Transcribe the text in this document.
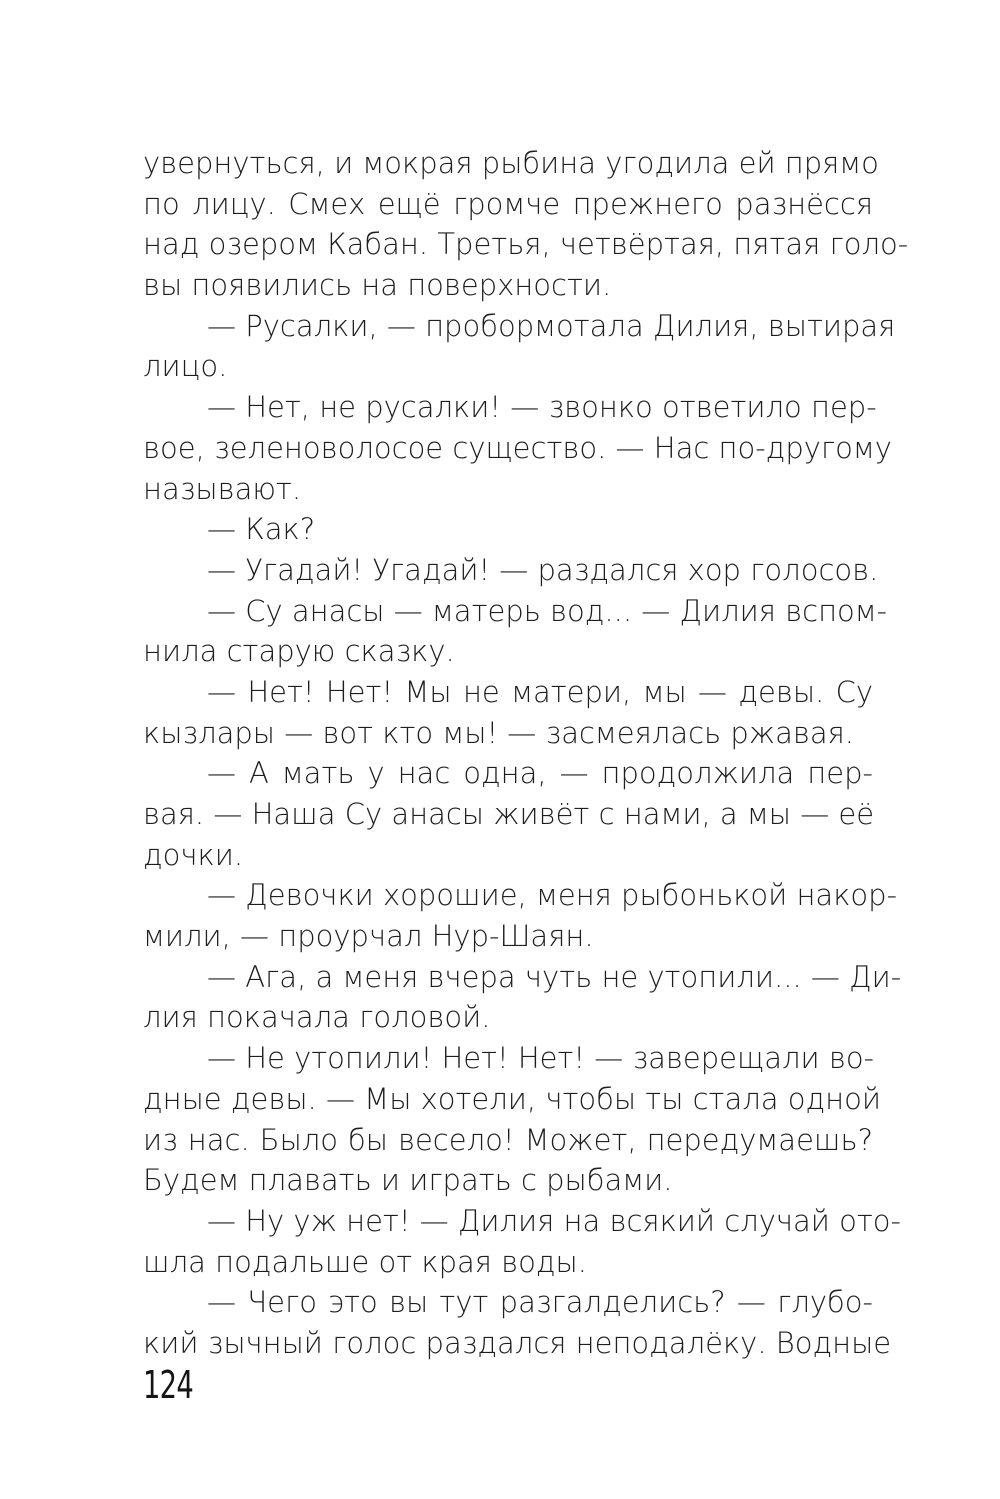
увернуться, и мокрая рыбина угодила ей прямо
по лицу. Смех ещё громче прежнего разнёсся
над озером Кабан. Третья, четвёртая, пятая голо-
вы появились на поверхности.
— Русалки, — пробормотала Дилия, вытирая
лицо.
— Нет, не русалки! — звонко ответило пер-
вое, зеленоволосое существо. — Нас по-другому
называют.
— Как?
— Угадай! Угадай! — раздался хор голосов.
— Су анасы — матерь вод... — Дилия вспом-
нила старую сказку.
— Нет! Нет! Мы не матери, мы — девы. Су
кызлары — вот кто мы! — засмеялась ржавая.
— А мать у нас одна, — продолжила пер-
вая. — Наша Су анасы живёт с нами, а мы — её
дочки.
— Девочки хорошие, меня рыбонькой накор-
мили, — проурчал Нур-Шаян.
— Ага, а меня вчера чуть не утопили... — Ди-
лия покачала головой.
— Не утопили! Нет! Нет! — заверещали во-
дные девы. — Мы хотели, чтобы ты стала одной
из нас. Было бы весело! Может, передумаешь?
Будем плавать и играть с рыбами.
— Ну уж нет! — Дилия на всякий случай ото-
шла подальше от края воды.
— Чего это вы тут разгалделись? — глубо-
кий зычный голос раздался неподалёку. Водные
124
